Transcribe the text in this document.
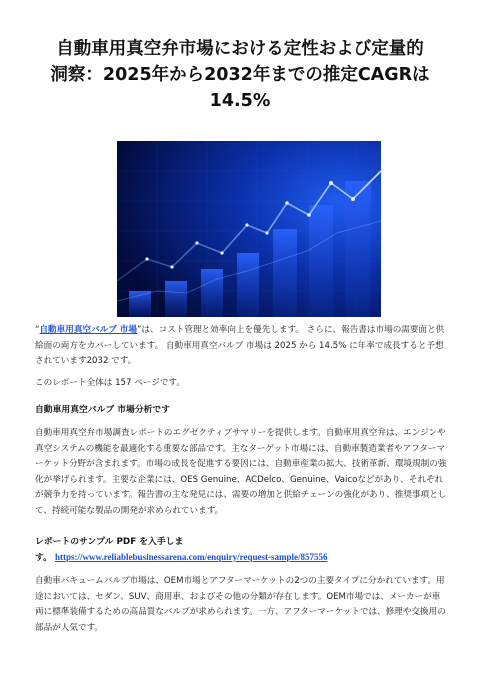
自動車用真空弁市場における定性および定量的
洞察：2025年から2032年までの推定CAGRは
14.5%

“自動車用真空バルブ 市場”は、コスト管理と効率向上を優先します。 さらに、報告書は市場の需要面と供給面の両方をカバーしています。 自動車用真空バルブ 市場は 2025 から 14.5% に年率で成長すると予想されています2032 です。

このレポート全体は 157 ページです。

自動車用真空バルブ 市場分析です

自動車用真空弁市場調査レポートのエグゼクティブサマリーを提供します。自動車用真空弁は、エンジンや真空システムの機能を最適化する重要な部品です。主なターゲット市場には、自動車製造業者やアフターマーケット分野が含まれます。市場の成長を促進する要因には、自動車産業の拡大、技術革新、環境規制の強化が挙げられます。主要な企業には、OES Genuine、ACDelco、Genuine、Vaicoなどがあり、それぞれが競争力を持っています。報告書の主な発見には、需要の増加と供給チェーンの強化があり、推奨事項として、持続可能な製品の開発が求められています。

レポートのサンプル PDF を入手しま
す。 https://www.reliablebusinessarena.com/enquiry/request-sample/857556

自動車バキュームバルブ市場は、OEM市場とアフターマーケットの2つの主要タイプに分かれています。用途においては、セダン、SUV、商用車、およびその他の分類が存在します。OEM市場では、メーカーが車両に標準装備するための高品質なバルブが求められます。一方、アフターマーケットでは、修理や交換用の部品が人気です。
